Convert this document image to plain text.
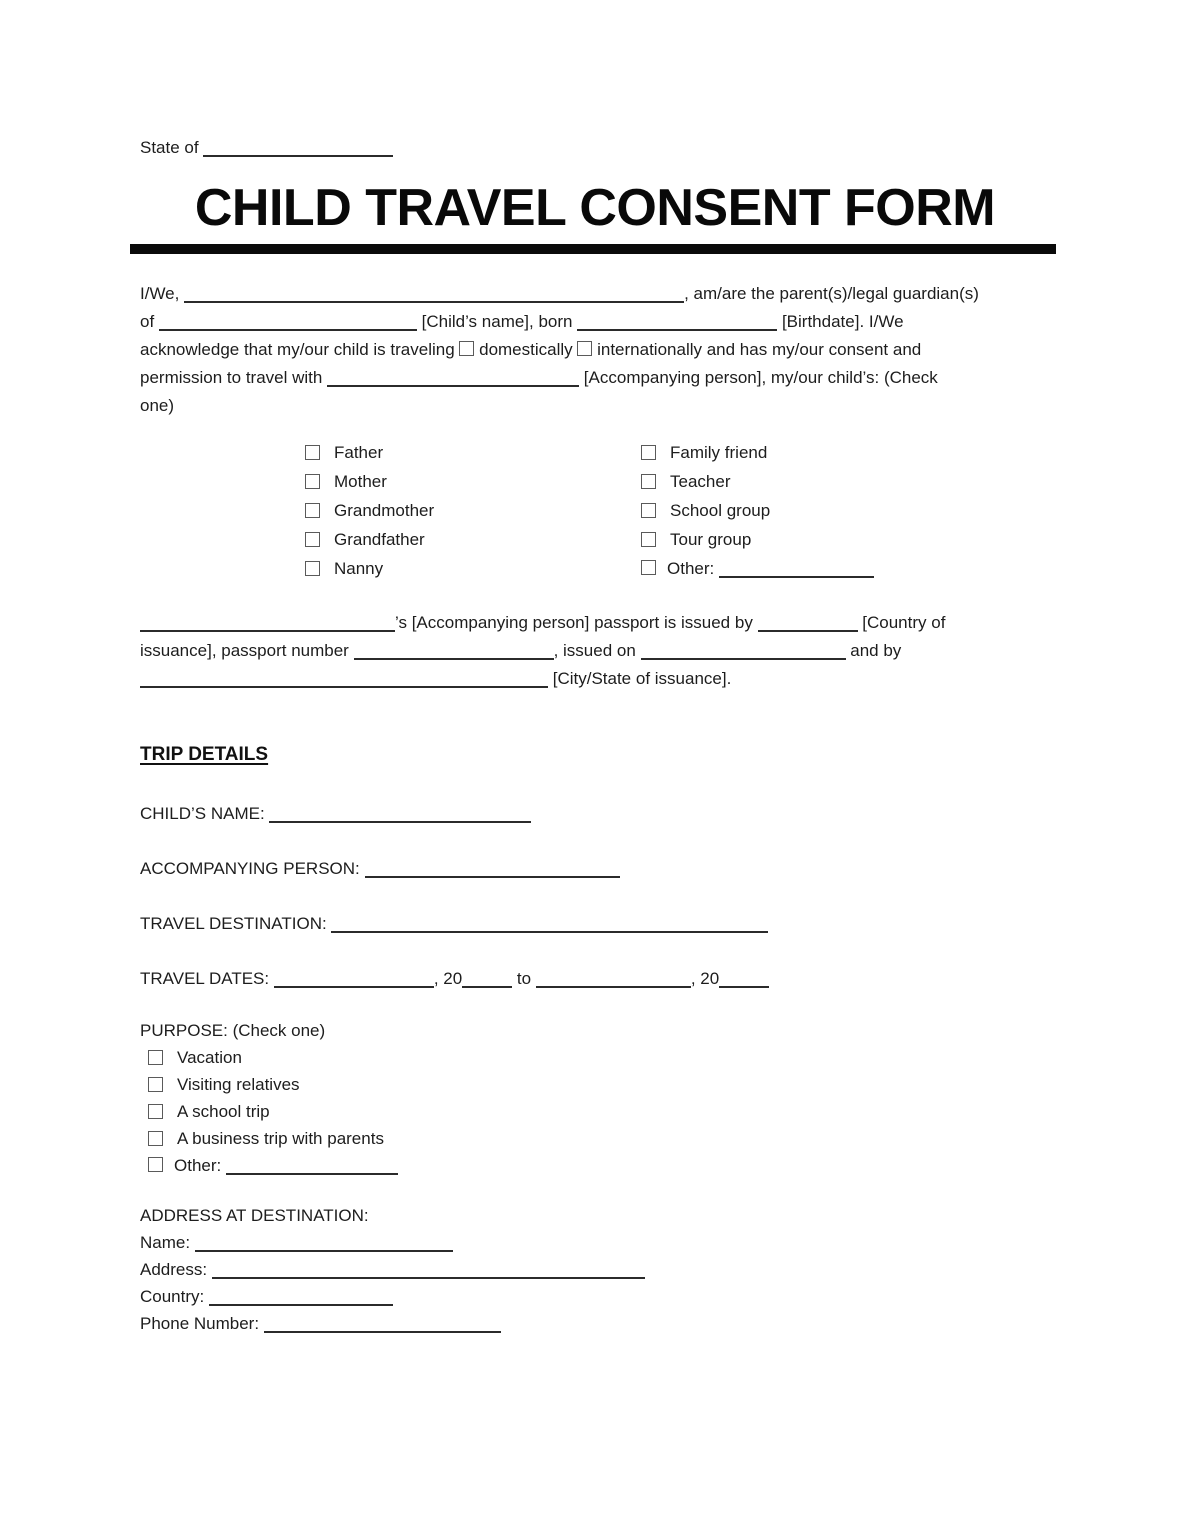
State of
CHILD TRAVEL CONSENT FORM
I/We,	, am/are the parent(s)/legal guardian(s)
of	[Child’s name], born	[Birthdate]. I/We
acknowledge that my/our child is traveling  domestically  internationally and has my/our consent and
permission to travel with	[Accompanying person], my/our child’s: (Check
one)
Father
Mother
Grandmother
Grandfather
Nanny
Family friend
Teacher
School group
Tour group
Other:
’s [Accompanying person] passport is issued by	[Country of
issuance], passport number	, issued on	and by
[City/State of issuance].
TRIP DETAILS
CHILD’S NAME:
ACCOMPANYING PERSON:
TRAVEL DESTINATION:
TRAVEL DATES:	, 20	to	, 20
PURPOSE: (Check one)
Vacation
Visiting relatives
A school trip
A business trip with parents
Other:
ADDRESS AT DESTINATION:
Name:
Address:
Country:
Phone Number:
